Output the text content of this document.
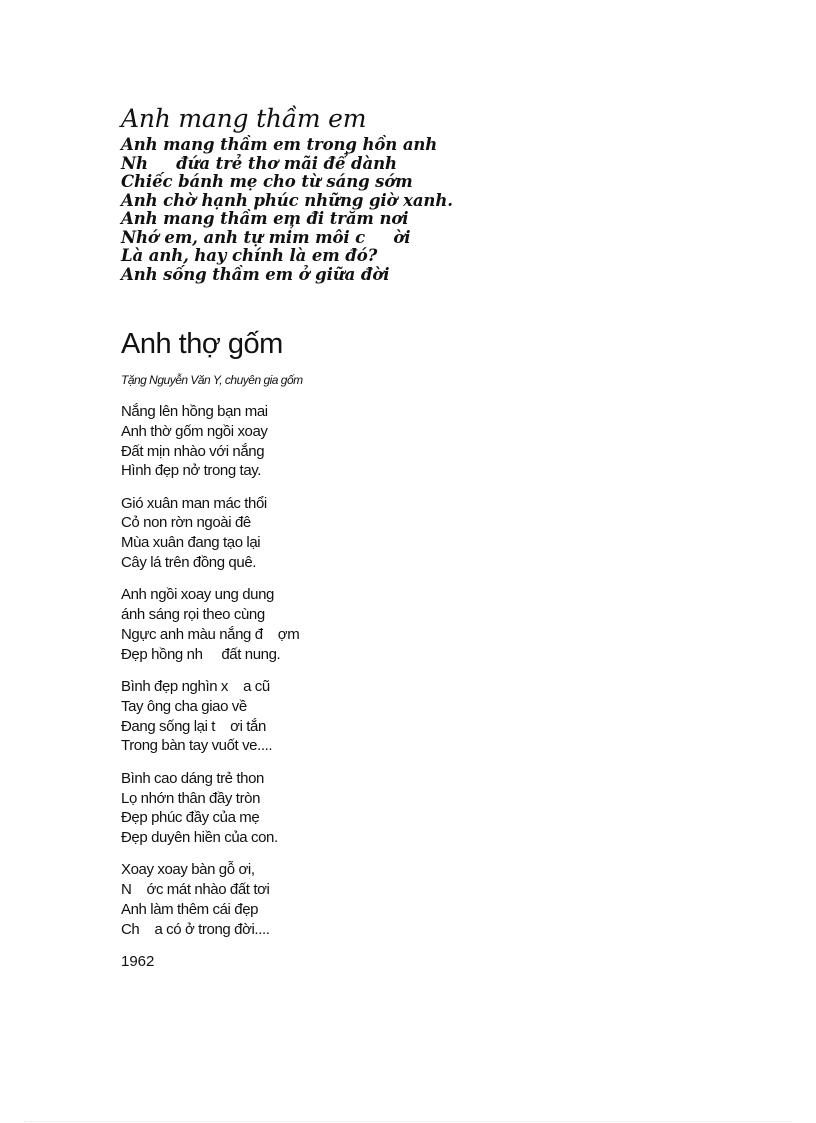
Anh mang thầm em
Anh mang thầm em trong hồn anh
Nh     đứa trẻ thơ mãi để dành
Chiếc bánh mẹ cho từ sáng sớm
Anh chờ hạnh phúc những giờ xanh.
Anh mang thầm em đi trăm nơi
Nhớ em, anh tự mỉm môi c     ời
Là anh, hay chính là em đó?
Anh sống thầm em ở giữa đời
Anh thợ gốm

Tặng Nguyễn Văn Y, chuyên gia gốm

Nắng lên hồng bạn mai
Anh thờ gốm ngồi xoay
Đất mịn nhào với nắng
Hình đẹp nở trong tay.
Gió xuân man mác thổi
Cỏ non rờn ngoài đê
Mùa xuân đang tạo lại
Cây lá trên đồng quê.
Anh ngồi xoay ung dung
ánh sáng rọi theo cùng
Ngực anh màu nắng đ    ợm
Đẹp hồng nh     đất nung.
Bình đẹp nghìn x    a cũ
Tay ông cha giao về
Đang sống lại t    ơi tắn
Trong bàn tay vuốt ve....
Bình cao dáng trẻ thon
Lọ nhớn thân đầy tròn
Đẹp phúc đầy của mẹ
Đẹp duyên hiền của con.
Xoay xoay bàn gỗ ơi,
N    ớc mát nhào đất tơi
Anh làm thêm cái đẹp
Ch    a có ở trong đời....

1962
